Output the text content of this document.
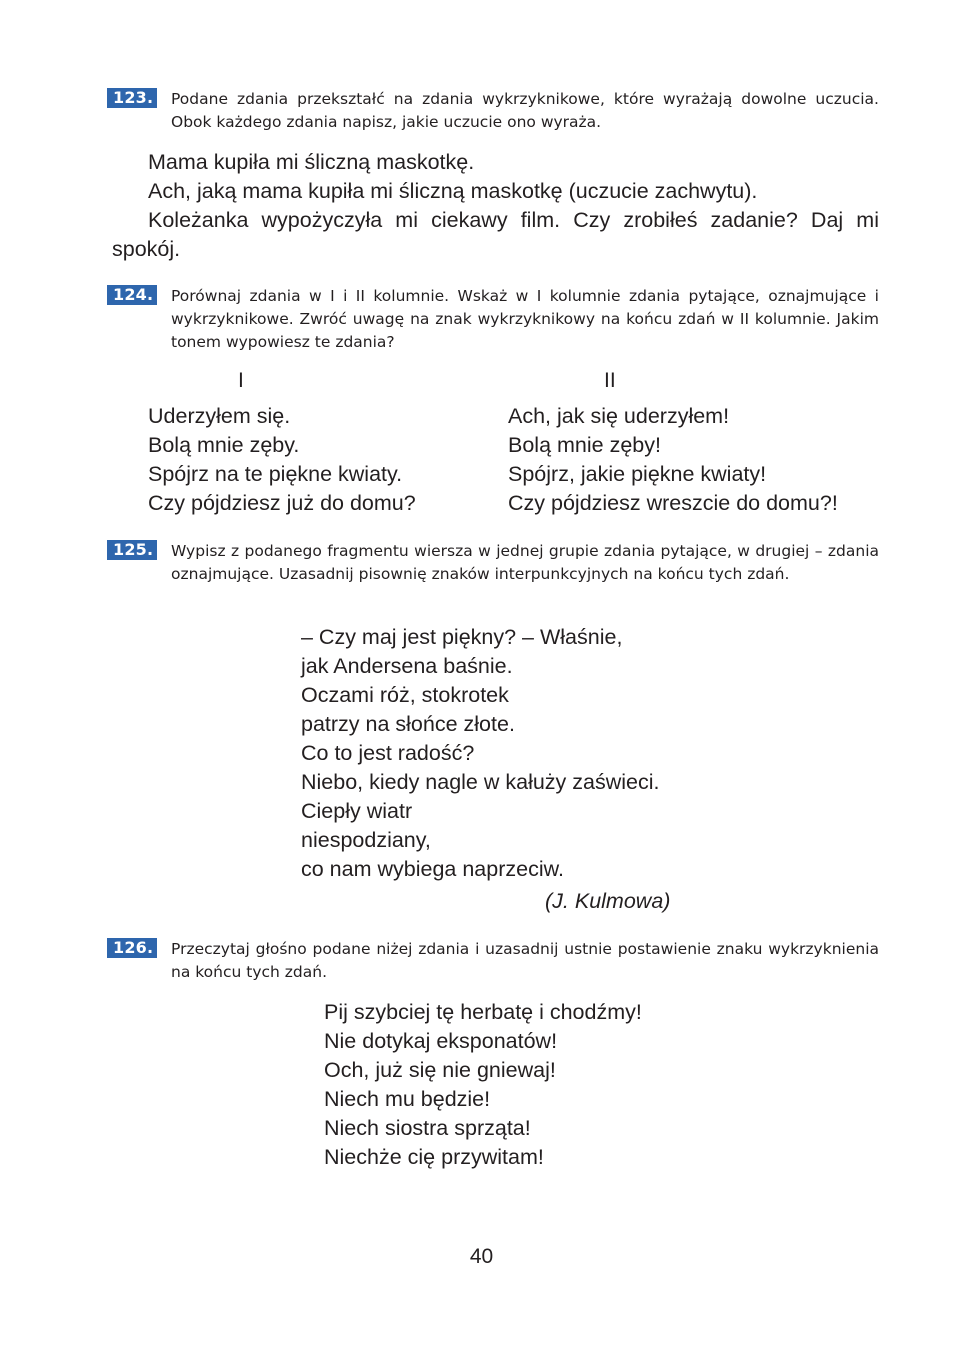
123. Podane zdania przekształć na zdania wykrzyknikowe, które wyrażają dowolne uczucia. Obok każdego zdania napisz, jakie uczucie ono wyraża.
Mama kupiła mi śliczną maskotkę.
Ach, jaką mama kupiła mi śliczną maskotkę (uczucie zachwytu).
Koleżanka wypożyczyła mi ciekawy film. Czy zrobiłeś zadanie? Daj mi spokój.
124. Porównaj zdania w I i II kolumnie. Wskaż w I kolumnie zdania pytające, oznajmujące i wykrzyknikowe. Zwróć uwagę na znak wykrzyknikowy na końcu zdań w II kolumnie. Jakim tonem wypowiesz te zdania?
I	II
Uderzyłem się.
Bolą mnie zęby.
Spójrz na te piękne kwiaty.
Czy pójdziesz już do domu?
Ach, jak się uderzyłem!
Bolą mnie zęby!
Spójrz, jakie piękne kwiaty!
Czy pójdziesz wreszcie do domu?!
125. Wypisz z podanego fragmentu wiersza w jednej grupie zdania pytające, w drugiej – zdania oznajmujące. Uzasadnij pisownię znaków interpunkcyjnych na końcu tych zdań.
– Czy maj jest piękny? – Właśnie,
jak Andersena baśnie.
Oczami róż, stokrotek
patrzy na słońce złote.
Co to jest radość?
Niebo, kiedy nagle w kałuży zaświeci.
Ciepły wiatr
niespodziany,
co nam wybiega naprzeciw.
(J. Kulmowa)
126. Przeczytaj głośno podane niżej zdania i uzasadnij ustnie postawienie znaku wykrzyknienia na końcu tych zdań.
Pij szybciej tę herbatę i chodźmy!
Nie dotykaj eksponatów!
Och, już się nie gniewaj!
Niech mu będzie!
Niech siostra sprząta!
Niechże cię przywitam!
40
